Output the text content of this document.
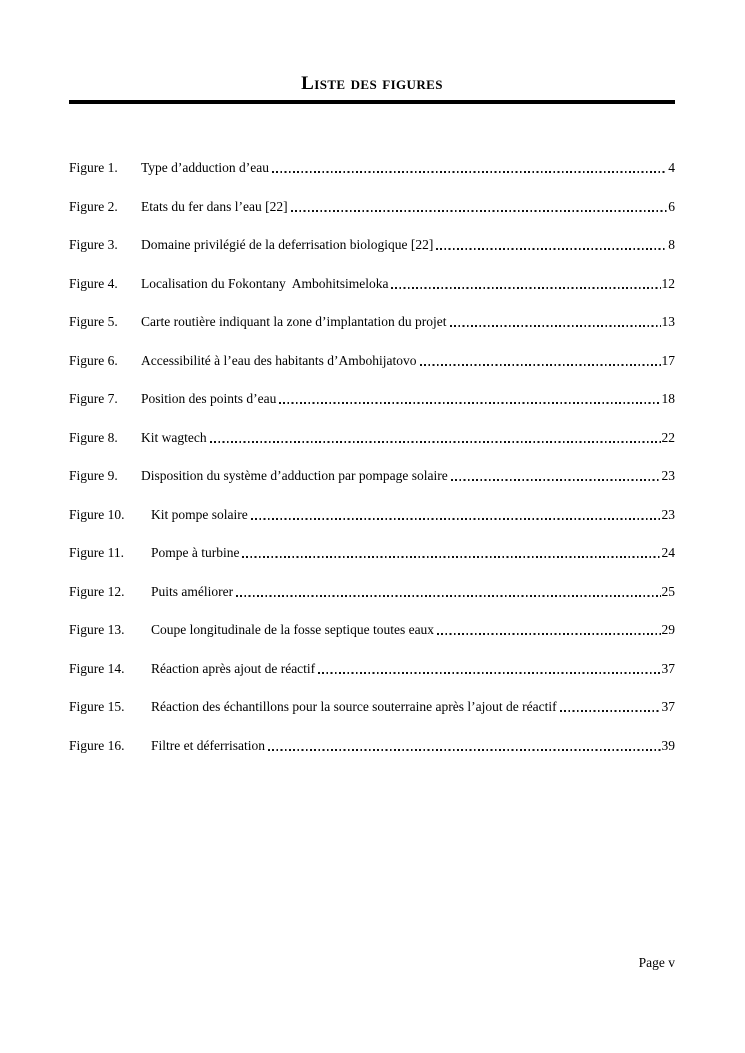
Liste des figures
Figure 1.	Type d’adduction d’eau	4
Figure 2.	Etats du fer dans l’eau [22]	6
Figure 3.	Domaine privilégié de la deferrisation biologique [22]	8
Figure 4.	Localisation du Fokontany  Ambohitsimeloka	12
Figure 5.	Carte routière indiquant la zone d’implantation du projet	13
Figure 6.	Accessibilité à l’eau des habitants d’Ambohijatovo	17
Figure 7.	Position des points d’eau	18
Figure 8.	Kit wagtech	22
Figure 9.	Disposition du système d’adduction par pompage solaire	23
Figure 10.	Kit pompe solaire	23
Figure 11.	Pompe à turbine	24
Figure 12.	Puits améliorer	25
Figure 13.	Coupe longitudinale de la fosse septique toutes eaux	29
Figure 14.	Réaction après ajout de réactif	37
Figure 15.	Réaction des échantillons pour la source souterraine après l’ajout de réactif	37
Figure 16.	Filtre et déferrisation	39
Page v
